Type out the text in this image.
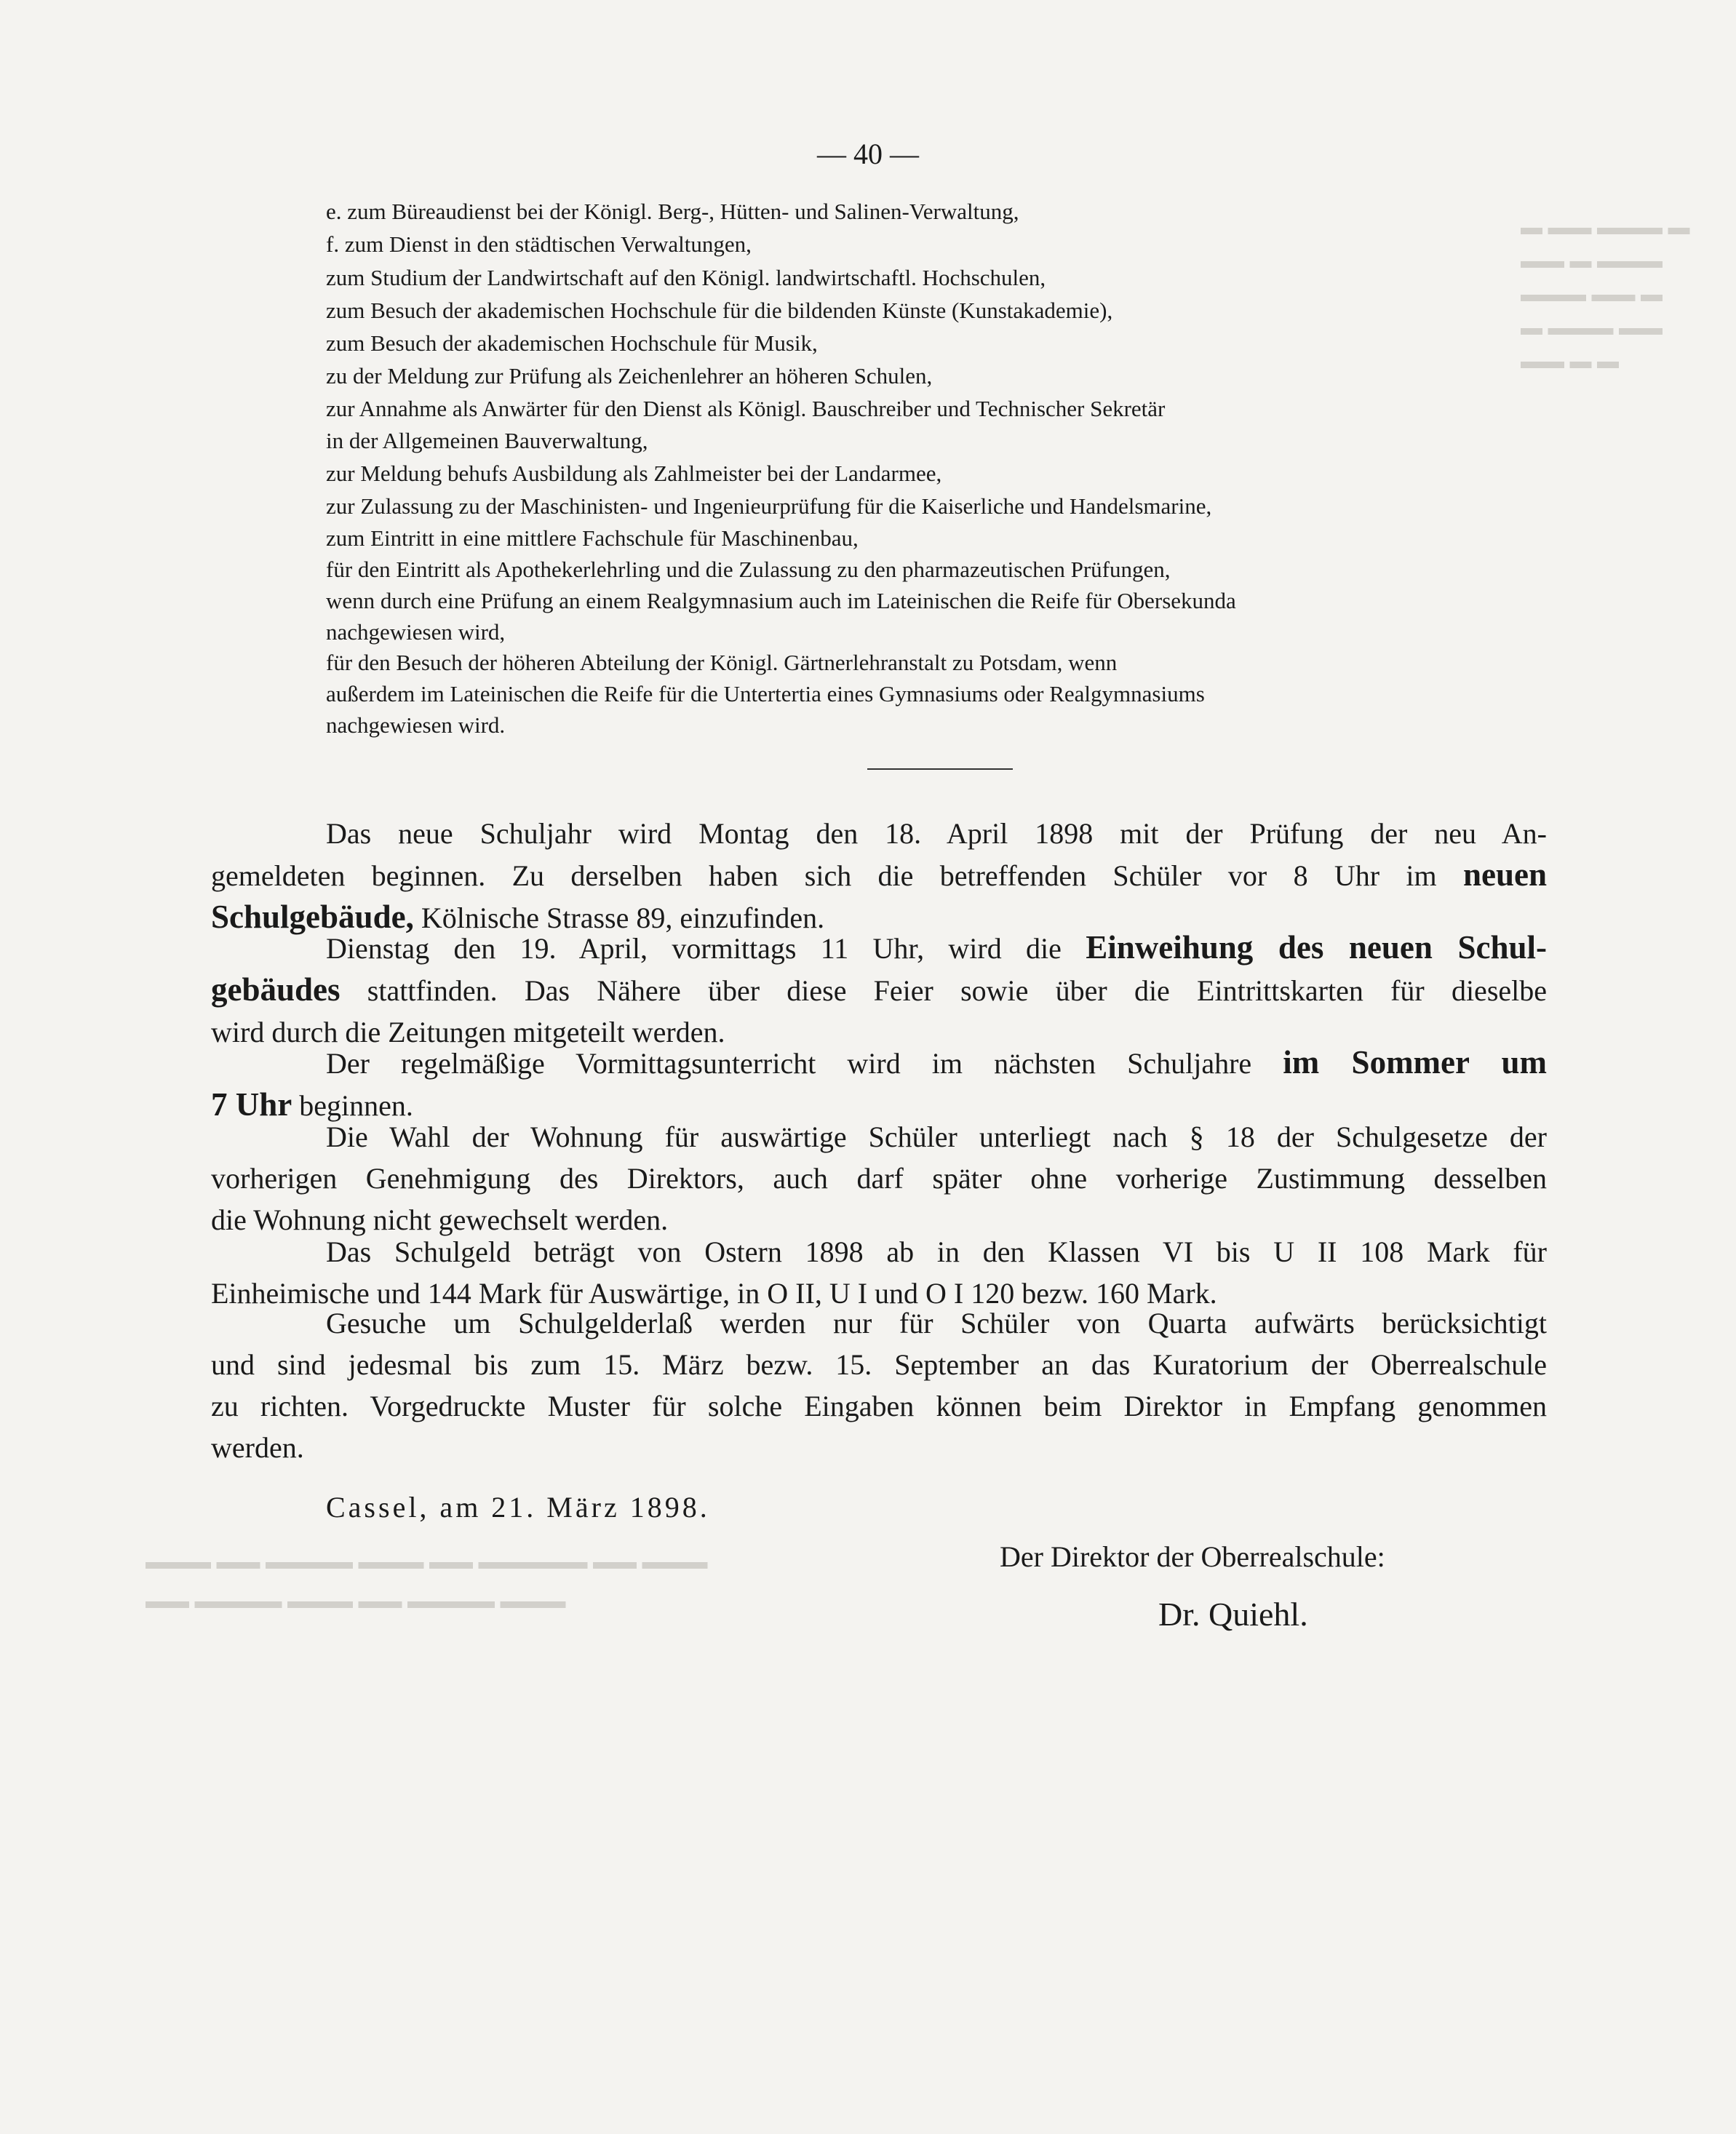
▬ ▬▬ ▬▬▬ ▬
▬▬ ▬ ▬▬▬
▬▬▬ ▬▬ ▬
▬ ▬▬▬ ▬▬
▬▬ ▬ ▬
▬▬▬ ▬▬ ▬▬▬▬ ▬▬▬ ▬▬ ▬▬▬▬▬ ▬▬ ▬▬▬
▬▬ ▬▬▬▬ ▬▬▬ ▬▬ ▬▬▬▬ ▬▬▬
— 40 —
e. zum Büreaudienst bei der Königl. Berg-, Hütten- und Salinen-Verwaltung,
f. zum Dienst in den städtischen Verwaltungen,
zum Studium der Landwirtschaft auf den Königl. landwirtschaftl. Hochschulen,
zum Besuch der akademischen Hochschule für die bildenden Künste (Kunstakademie),
zum Besuch der akademischen Hochschule für Musik,
zu der Meldung zur Prüfung als Zeichenlehrer an höheren Schulen,
zur Annahme als Anwärter für den Dienst als Königl. Bauschreiber und Technischer Sekretär
in der Allgemeinen Bauverwaltung,
zur Meldung behufs Ausbildung als Zahlmeister bei der Landarmee,
zur Zulassung zu der Maschinisten- und Ingenieurprüfung für die Kaiserliche und Handelsmarine,
zum Eintritt in eine mittlere Fachschule für Maschinenbau,
für den Eintritt als Apothekerlehrling und die Zulassung zu den pharmazeutischen Prüfungen,
wenn durch eine Prüfung an einem Realgymnasium auch im Lateinischen die Reife für Obersekunda
nachgewiesen wird,
für den Besuch der höheren Abteilung der Königl. Gärtnerlehranstalt zu Potsdam, wenn
außerdem im Lateinischen die Reife für die Untertertia eines Gymnasiums oder Realgymnasiums
nachgewiesen wird.
Das neue Schuljahr wird Montag den 18. April 1898 mit der Prüfung der neu An-
gemeldeten beginnen. Zu derselben haben sich die betreffenden Schüler vor 8 Uhr im neuen
Schulgebäude, Kölnische Strasse 89, einzufinden.
Dienstag den 19. April, vormittags 11 Uhr, wird die Einweihung des neuen Schul-
gebäudes stattfinden. Das Nähere über diese Feier sowie über die Eintrittskarten für dieselbe
wird durch die Zeitungen mitgeteilt werden.
Der regelmäßige Vormittagsunterricht wird im nächsten Schuljahre im Sommer um
7 Uhr beginnen.
Die Wahl der Wohnung für auswärtige Schüler unterliegt nach § 18 der Schulgesetze der
vorherigen Genehmigung des Direktors, auch darf später ohne vorherige Zustimmung desselben
die Wohnung nicht gewechselt werden.
Das Schulgeld beträgt von Ostern 1898 ab in den Klassen VI bis U II 108 Mark für
Einheimische und 144 Mark für Auswärtige, in O II, U I und O I 120 bezw. 160 Mark.
Gesuche um Schulgelderlaß werden nur für Schüler von Quarta aufwärts berücksichtigt
und sind jedesmal bis zum 15. März bezw. 15. September an das Kuratorium der Oberrealschule
zu richten. Vorgedruckte Muster für solche Eingaben können beim Direktor in Empfang genommen
werden.
Cassel, am 21. März 1898.
Der Direktor der Oberrealschule:
Dr. Quiehl.
